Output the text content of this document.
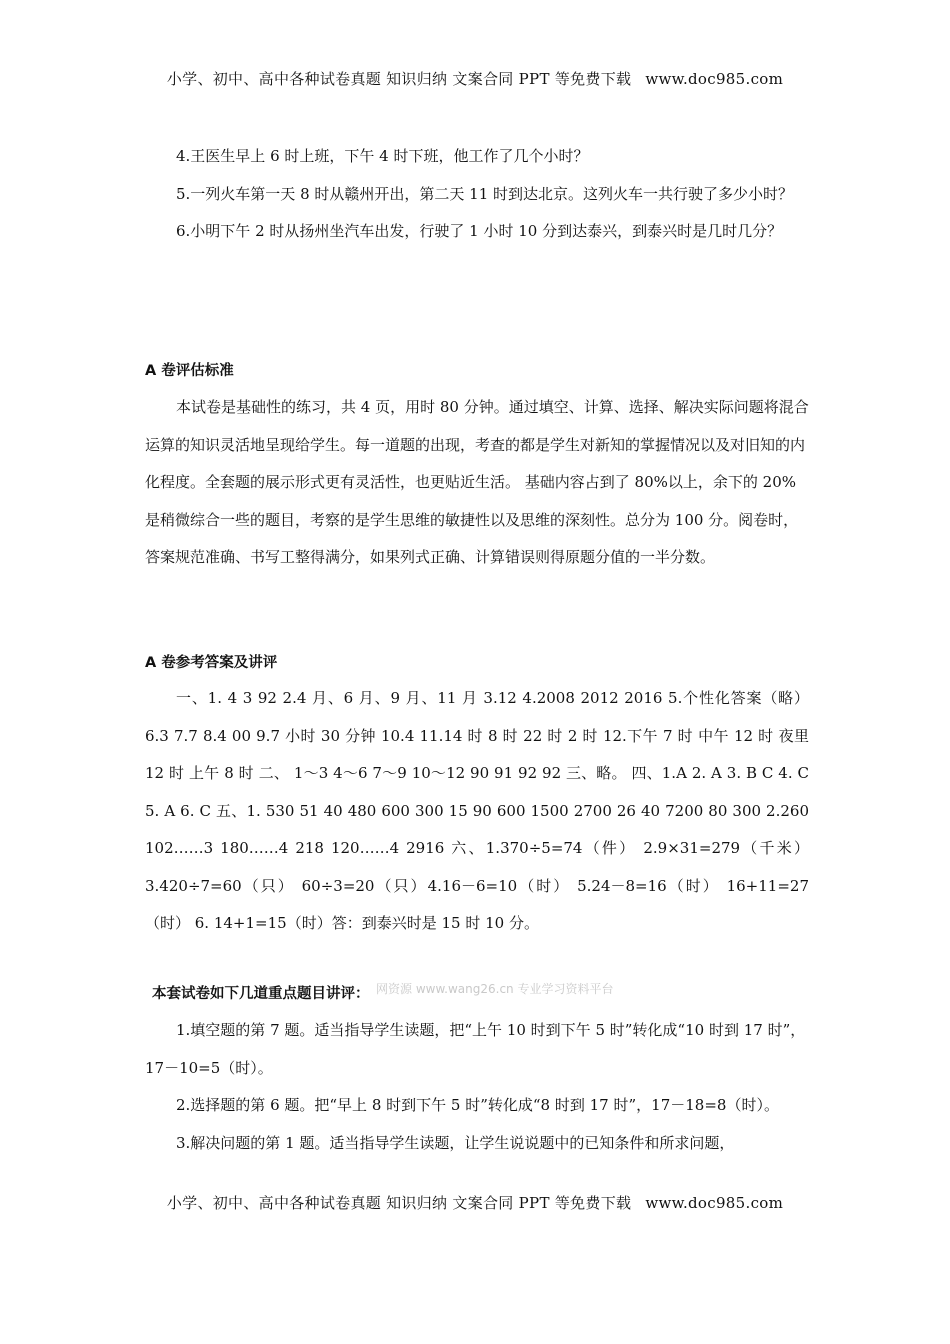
小学、初中、高中各种试卷真题 知识归纳 文案合同 PPT 等免费下载 www.doc985.com

4.王医生早上 6 时上班，下午 4 时下班，他工作了几个小时？

5.一列火车第一天 8 时从赣州开出，第二天 11 时到达北京。这列火车一共行驶了多少小时？

6.小明下午 2 时从扬州坐汽车出发，行驶了 1 小时 10 分到达泰兴，到泰兴时是几时几分？

A 卷评估标准

本试卷是基础性的练习，共 4 页，用时 80 分钟。通过填空、计算、选择、解决实际问题将混合运算的知识灵活地呈现给学生。每一道题的出现，考查的都是学生对新知的掌握情况以及对旧知的内化程度。全套题的展示形式更有灵活性，也更贴近生活。 基础内容占到了 80%以上，余下的 20%是稍微综合一些的题目，考察的是学生思维的敏捷性以及思维的深刻性。总分为 100 分。阅卷时，答案规范准确、书写工整得满分，如果列式正确、计算错误则得原题分值的一半分数。

A 卷参考答案及讲评

一、1. 4 3 92 2.4 月、6 月、9 月、11 月 3.12 4.2008 2012 2016 5.个性化答案（略） 6.3 7.7 8.4 00 9.7 小时 30 分钟 10.4 11.14 时 8 时 22 时 2 时 12.下午 7 时 中午 12 时 夜里 12 时 上午 8 时 二、 1～3 4～6 7～9 10～12 90 91 92 92 三、略。 四、1.A 2. A 3. B C 4. C 5. A 6. C 五、1. 530 51 40 480 600 300 15 90 600 1500 2700 26 40 7200 80 300 2.260 102……3 180……4 218 120……4 2916 六、1.370÷5=74（件） 2.9×31=279（千米） 3.420÷7=60（只） 60÷3=20（只）4.16－6=10（时） 5.24－8=16（时） 16+11=27（时） 6. 14+1=15（时）答：到泰兴时是 15 时 10 分。

本套试卷如下几道重点题目讲评： 网资源 www.wang26.cn 专业学习资料平台

1.填空题的第 7 题。适当指导学生读题，把“上午 10 时到下午 5 时”转化成“10 时到 17 时”，17－10=5（时）。

2.选择题的第 6 题。把“早上 8 时到下午 5 时”转化成“8 时到 17 时”，17－18=8（时）。

3.解决问题的第 1 题。适当指导学生读题，让学生说说题中的已知条件和所求问题，

小学、初中、高中各种试卷真题 知识归纳 文案合同 PPT 等免费下载 www.doc985.com
